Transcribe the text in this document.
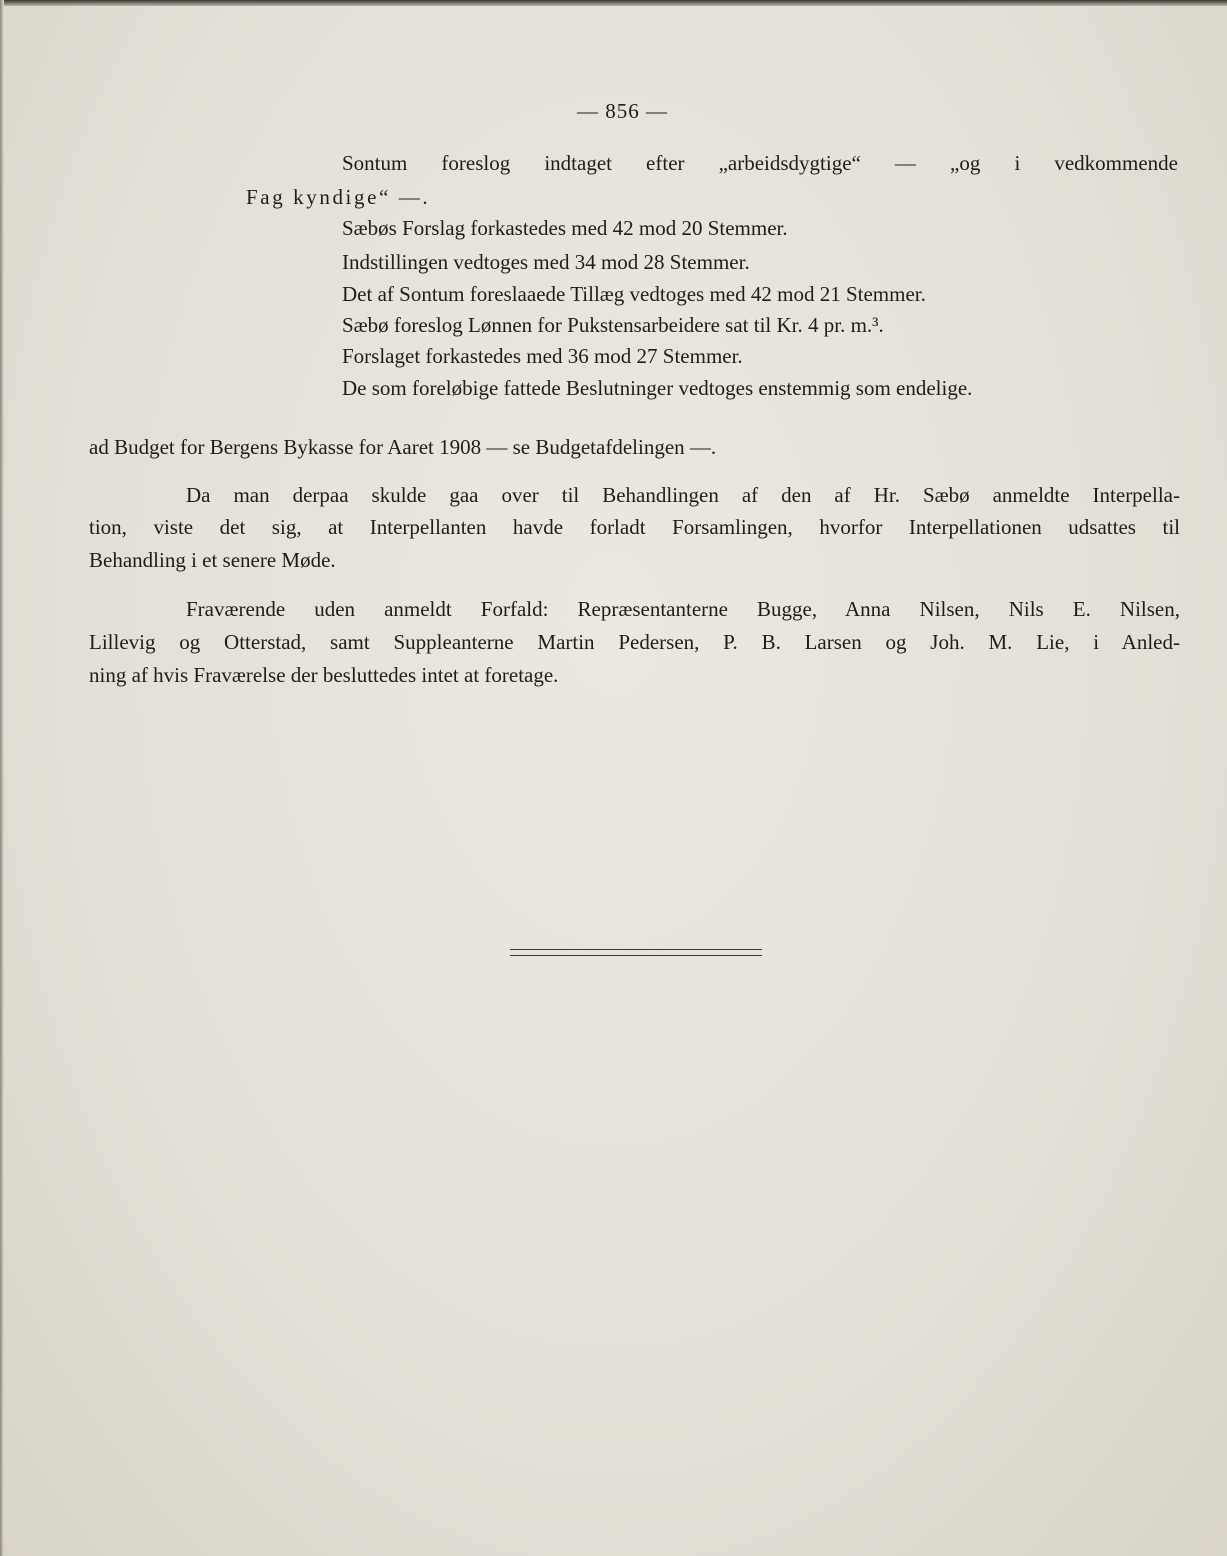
— 856 —
Sontum foreslog indtaget efter „arbeidsdygtige“ — „og i vedkommende
Fag kyndige“ —.
Sæbøs Forslag forkastedes med 42 mod 20 Stemmer.
Indstillingen vedtoges med 34 mod 28 Stemmer.
Det af Sontum foreslaaede Tillæg vedtoges med 42 mod 21 Stemmer.
Sæbø foreslog Lønnen for Pukstensarbeidere sat til Kr. 4 pr. m.³.
Forslaget forkastedes med 36 mod 27 Stemmer.
De som foreløbige fattede Beslutninger vedtoges enstemmig som endelige.
ad Budget for Bergens Bykasse for Aaret 1908 — se Budgetafdelingen —.
Da man derpaa skulde gaa over til Behandlingen af den af Hr. Sæbø anmeldte Interpella-
tion, viste det sig, at Interpellanten havde forladt Forsamlingen, hvorfor Interpellationen udsattes til
Behandling i et senere Møde.
Fraværende uden anmeldt Forfald: Repræsentanterne Bugge, Anna Nilsen, Nils E. Nilsen,
Lillevig og Otterstad, samt Suppleanterne Martin Pedersen, P. B. Larsen og Joh. M. Lie, i Anled-
ning af hvis Fraværelse der besluttedes intet at foretage.
